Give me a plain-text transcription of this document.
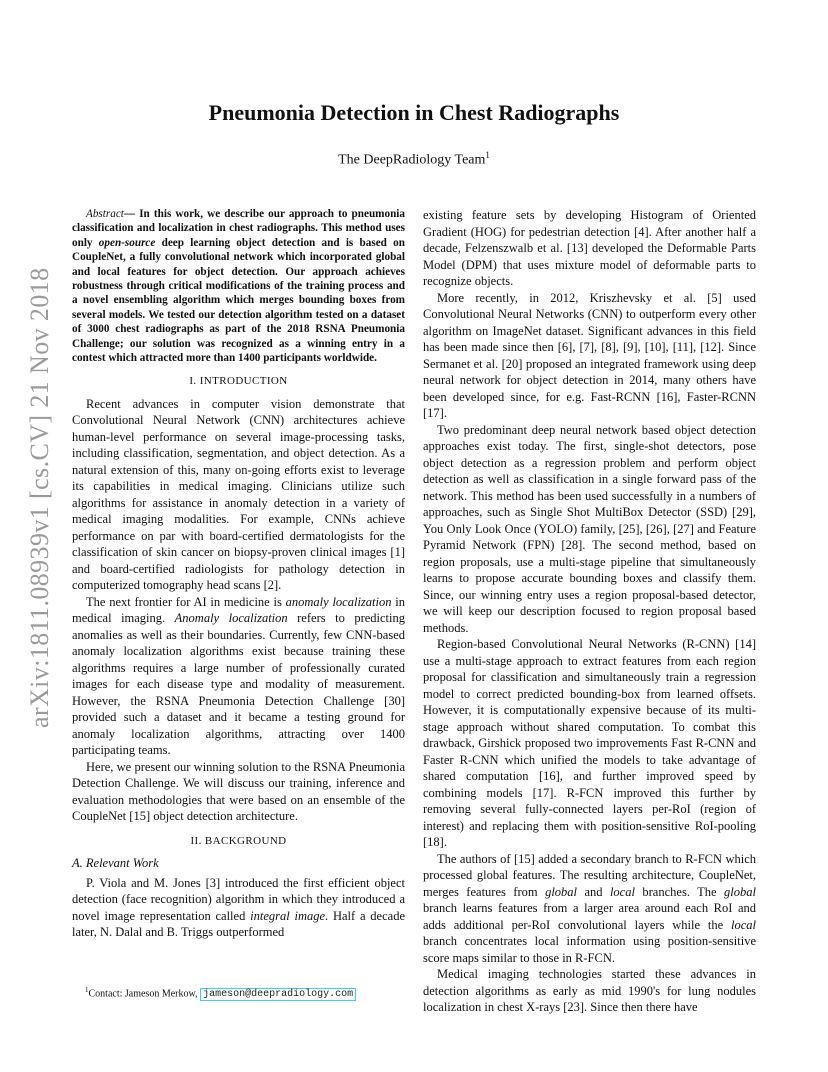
arXiv:1811.08939v1 [cs.CV] 21 Nov 2018
Pneumonia Detection in Chest Radiographs
The DeepRadiology Team$^1$

Abstract— In this work, we describe our approach to pneumonia classification and localization in chest radiographs. This method uses only open-source deep learning object detection and is based on CoupleNet, a fully convolutional network which incorporated global and local features for object detection. Our approach achieves robustness through critical modifications of the training process and a novel ensembling algorithm which merges bounding boxes from several models. We tested our detection algorithm tested on a dataset of 3000 chest radiographs as part of the 2018 RSNA Pneumonia Challenge; our solution was recognized as a winning entry in a contest which attracted more than 1400 participants worldwide.

I. INTRODUCTION

Recent advances in computer vision demonstrate that Convolutional Neural Network (CNN) architectures achieve human-level performance on several image-processing tasks, including classification, segmentation, and object detection. As a natural extension of this, many on-going efforts exist to leverage its capabilities in medical imaging. Clinicians utilize such algorithms for assistance in anomaly detection in a variety of medical imaging modalities. For example, CNNs achieve performance on par with board-certified dermatologists for the classification of skin cancer on biopsy-proven clinical images [1] and board-certified radiologists for pathology detection in computerized tomography head scans [2].

The next frontier for AI in medicine is anomaly localization in medical imaging. Anomaly localization refers to predicting anomalies as well as their boundaries. Currently, few CNN-based anomaly localization algorithms exist because training these algorithms requires a large number of professionally curated images for each disease type and modality of measurement. However, the RSNA Pneumonia Detection Challenge [30] provided such a dataset and it became a testing ground for anomaly localization algorithms, attracting over 1400 participating teams.

Here, we present our winning solution to the RSNA Pneumonia Detection Challenge. We will discuss our training, inference and evaluation methodologies that were based on an ensemble of the CoupleNet [15] object detection architecture.

II. BACKGROUND
A. Relevant Work

P. Viola and M. Jones [3] introduced the first efficient object detection (face recognition) algorithm in which they introduced a novel image representation called integral image. Half a decade later, N. Dalal and B. Triggs outperformed

existing feature sets by developing Histogram of Oriented Gradient (HOG) for pedestrian detection [4]. After another half a decade, Felzenszwalb et al. [13] developed the Deformable Parts Model (DPM) that uses mixture model of deformable parts to recognize objects.

More recently, in 2012, Kriszhevsky et al. [5] used Convolutional Neural Networks (CNN) to outperform every other algorithm on ImageNet dataset. Significant advances in this field has been made since then [6], [7], [8], [9], [10], [11], [12]. Since Sermanet et al. [20] proposed an integrated framework using deep neural network for object detection in 2014, many others have been developed since, for e.g. Fast-RCNN [16], Faster-RCNN [17].

Two predominant deep neural network based object detection approaches exist today. The first, single-shot detectors, pose object detection as a regression problem and perform object detection as well as classification in a single forward pass of the network. This method has been used successfully in a numbers of approaches, such as Single Shot MultiBox Detector (SSD) [29], You Only Look Once (YOLO) family, [25], [26], [27] and Feature Pyramid Network (FPN) [28]. The second method, based on region proposals, use a multi-stage pipeline that simultaneously learns to propose accurate bounding boxes and classify them. Since, our winning entry uses a region proposal-based detector, we will keep our description focused to region proposal based methods.

Region-based Convolutional Neural Networks (R-CNN) [14] use a multi-stage approach to extract features from each region proposal for classification and simultaneously train a regression model to correct predicted bounding-box from learned offsets. However, it is computationally expensive because of its multi-stage approach without shared computation. To combat this drawback, Girshick proposed two improvements Fast R-CNN and Faster R-CNN which unified the models to take advantage of shared computation [16], and further improved speed by combining models [17]. R-FCN improved this further by removing several fully-connected layers per-RoI (region of interest) and replacing them with position-sensitive RoI-pooling [18].

The authors of [15] added a secondary branch to R-FCN which processed global features. The resulting architecture, CoupleNet, merges features from global and local branches. The global branch learns features from a larger area around each RoI and adds additional per-RoI convolutional layers while the local branch concentrates local information using position-sensitive score maps similar to those in R-FCN.

Medical imaging technologies started these advances in detection algorithms as early as mid 1990's for lung nodules localization in chest X-rays [23]. Since then there have

$^1$Contact: Jameson Merkow, jameson@deepradiology.com
